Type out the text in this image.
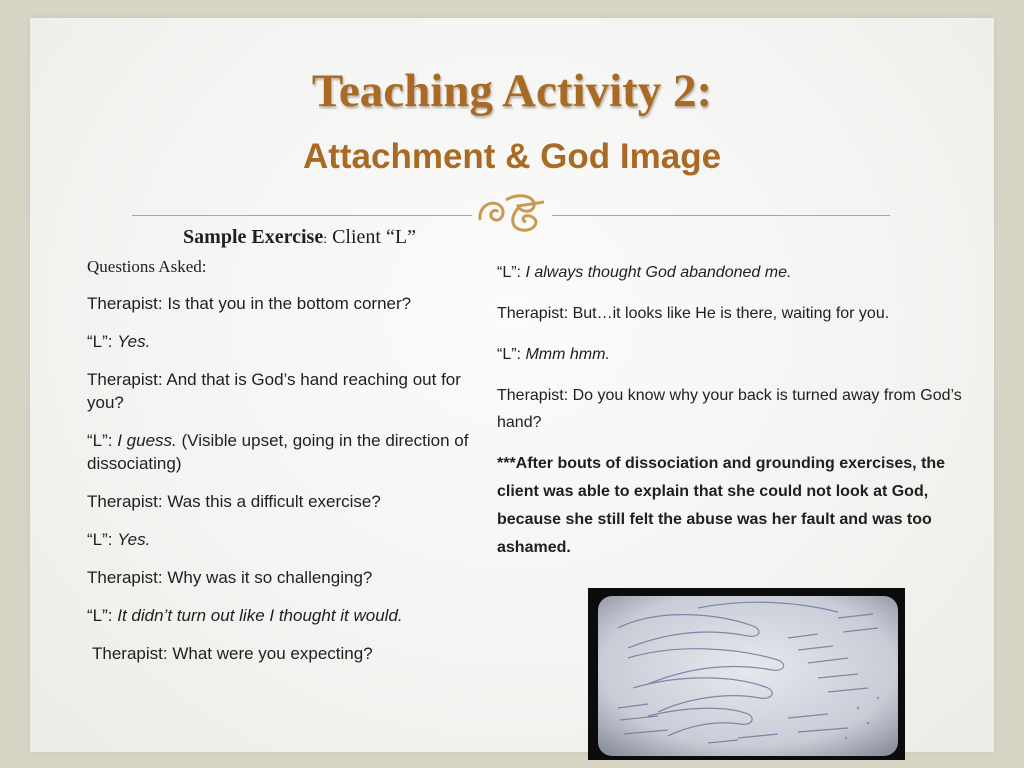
Teaching Activity 2:
Attachment & God Image
Sample Exercise: Client “L”
Questions Asked:
Therapist: Is that you in the bottom corner?
“L”: Yes.
Therapist: And that is God’s hand reaching out for you?
“L”: I guess. (Visible upset, going in the direction of dissociating)
Therapist: Was this a difficult exercise?
“L”: Yes.
Therapist: Why was it so challenging?
“L”: It didn’t turn out like I thought it would.
Therapist: What were you expecting?
“L”: I always thought God abandoned me.
Therapist: But…it looks like He is there, waiting for you.
“L”: Mmm hmm.
Therapist: Do you know why your back is turned away from God’s hand?
***After bouts of dissociation and grounding exercises, the client was able to explain that she could not look at God, because she still felt the abuse was her fault and was too ashamed.
